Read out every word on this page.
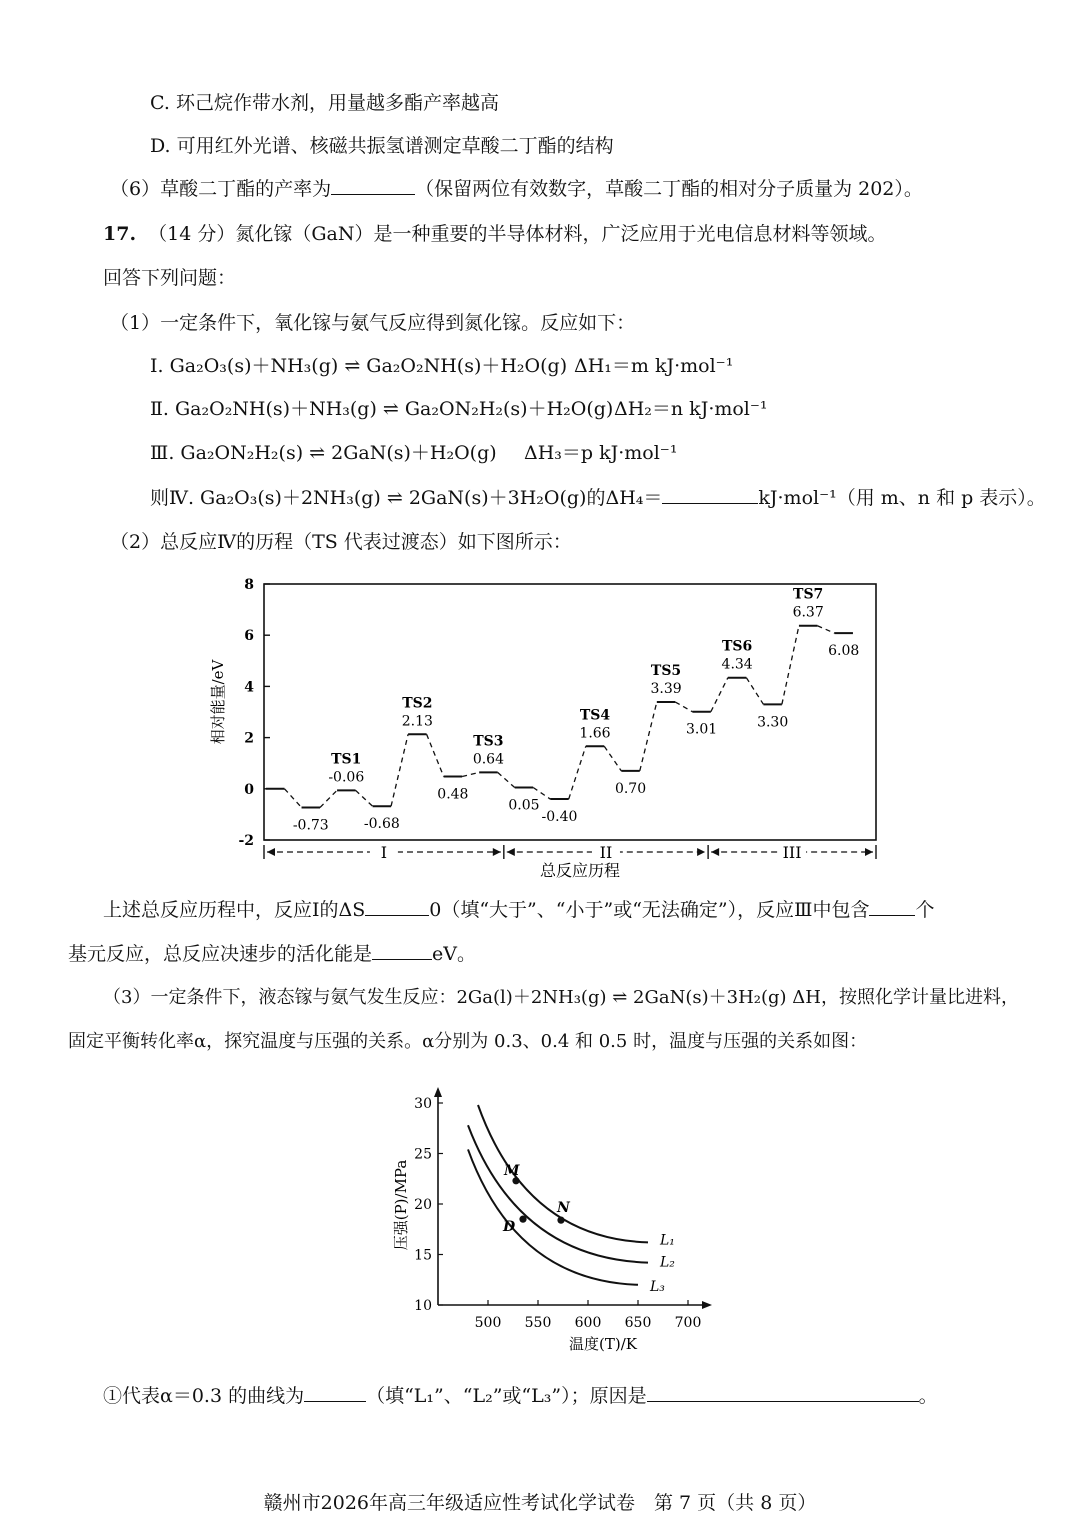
C. 环己烷作带水剂，用量越多酯产率越高
D. 可用红外光谱、核磁共振氢谱测定草酸二丁酯的结构
（6）草酸二丁酯的产率为	（保留两位有效数字，草酸二丁酯的相对分子质量为 202）。
17. （14 分）氮化镓（GaN）是一种重要的半导体材料，广泛应用于光电信息材料等领域。
回答下列问题：
（1）一定条件下，氧化镓与氨气反应得到氮化镓。反应如下：
Ⅰ. Ga₂O₃(s)＋NH₃(g) ⇌ Ga₂O₂NH(s)＋H₂O(g) ΔH₁＝m kJ·mol⁻¹
Ⅱ. Ga₂O₂NH(s)＋NH₃(g) ⇌ Ga₂ON₂H₂(s)＋H₂O(g) ΔH₂＝n kJ·mol⁻¹
Ⅲ. Ga₂ON₂H₂(s) ⇌ 2GaN(s)＋H₂O(g) ΔH₃＝p kJ·mol⁻¹
则Ⅳ. Ga₂O₃(s)＋2NH₃(g) ⇌ 2GaN(s)＋3H₂O(g)的ΔH₄＝	kJ·mol⁻¹（用 m、n 和 p 表示）。
（2）总反应Ⅳ的历程（TS 代表过渡态）如下图所示：
相对能量/eV
8
6
4
2
0
-2
-0.73
-0.06
TS1
-0.68
2.13
TS2
0.48
0.64
TS3
0.05
-0.40
1.66
TS4
0.70
3.39
TS5
3.01
4.34
TS6
3.30
6.37
TS7
6.08
I	II	III
总反应历程
上述总反应历程中，反应Ⅰ的ΔS	0（填“大于”、“小于”或“无法确定”），反应Ⅲ中包含 个
基元反应，总反应决速步的活化能是	eV。
（3）一定条件下，液态镓与氨气发生反应：2Ga(l)＋2NH₃(g) ⇌ 2GaN(s)＋3H₂(g) ΔH，按照化学计量比进料，
固定平衡转化率α，探究温度与压强的关系。α分别为 0.3、0.4 和 0.5 时，温度与压强的关系如图：
压强(P)/MPa
30
25
20
15
10
500 550 600 650 700
L₁
L₂
L₃
M
N
D
温度(T)/K
①代表α＝0.3 的曲线为	（填“L₁”、“L₂”或“L₃”）；原因是	。
赣州市2026年高三年级适应性考试化学试卷　第 7 页（共 8 页）
